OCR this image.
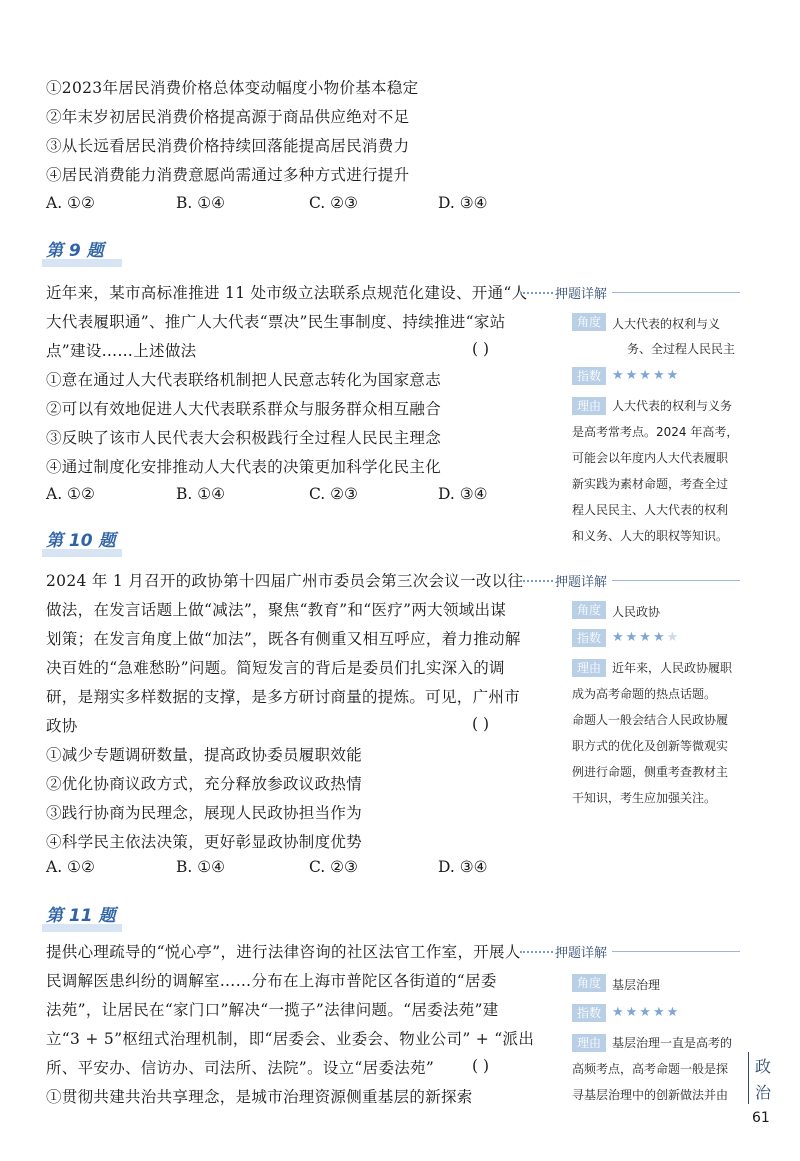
①2023年居民消费价格总体变动幅度小物价基本稳定
②年末岁初居民消费价格提高源于商品供应绝对不足
③从长远看居民消费价格持续回落能提高居民消费力
④居民消费能力消费意愿尚需通过多种方式进行提升
A. ①②	B. ①④	C. ②③	D. ③④
第 9 题
近年来，某市高标准推进 11 处市级立法联系点规范化建设、开通“人
大代表履职通”、推广人大代表“票决”民生事制度、持续推进“家站
点”建设……上述做法	( )
①意在通过人大代表联络机制把人民意志转化为国家意志
②可以有效地促进人大代表联系群众与服务群众相互融合
③反映了该市人民代表大会积极践行全过程人民民主理念
④通过制度化安排推动人大代表的决策更加科学化民主化
A. ①②	B. ①④	C. ②③	D. ③④
押题详解
角度 人大代表的权利与义
务、全过程人民民主
指数 ★★★★★
理由 人大代表的权利与义务
是高考常考点。2024 年高考，
可能会以年度内人大代表履职
新实践为素材命题，考查全过
程人民民主、人大代表的权利
和义务、人大的职权等知识。
第 10 题
2024 年 1 月召开的政协第十四届广州市委员会第三次会议一改以往
做法，在发言话题上做“减法”，聚焦“教育”和“医疗”两大领域出谋
划策；在发言角度上做“加法”，既各有侧重又相互呼应，着力推动解
决百姓的“急难愁盼”问题。简短发言的背后是委员们扎实深入的调
研，是翔实多样数据的支撑，是多方研讨商量的提炼。可见，广州市
政协	( )
①减少专题调研数量，提高政协委员履职效能
②优化协商议政方式，充分释放参政议政热情
③践行协商为民理念，展现人民政协担当作为
④科学民主依法决策，更好彰显政协制度优势
A. ①②	B. ①④	C. ②③	D. ③④
押题详解
角度 人民政协
指数 ★★★★★
理由 近年来，人民政协履职
成为高考命题的热点话题。
命题人一般会结合人民政协履
职方式的优化及创新等微观实
例进行命题，侧重考查教材主
干知识，考生应加强关注。
第 11 题
提供心理疏导的“悦心亭”，进行法律咨询的社区法官工作室，开展人
民调解医患纠纷的调解室……分布在上海市普陀区各街道的“居委
法苑”，让居民在“家门口”解决“一揽子”法律问题。“居委法苑”建
立“3 + 5”枢纽式治理机制，即“居委会、业委会、物业公司” + “派出
所、平安办、信访办、司法所、法院”。设立“居委法苑” ( )
①贯彻共建共治共享理念，是城市治理资源侧重基层的新探索
押题详解
角度 基层治理
指数 ★★★★★
理由 基层治理一直是高考的
高频考点，高考命题一般是探
寻基层治理中的创新做法并由
政
治
61
